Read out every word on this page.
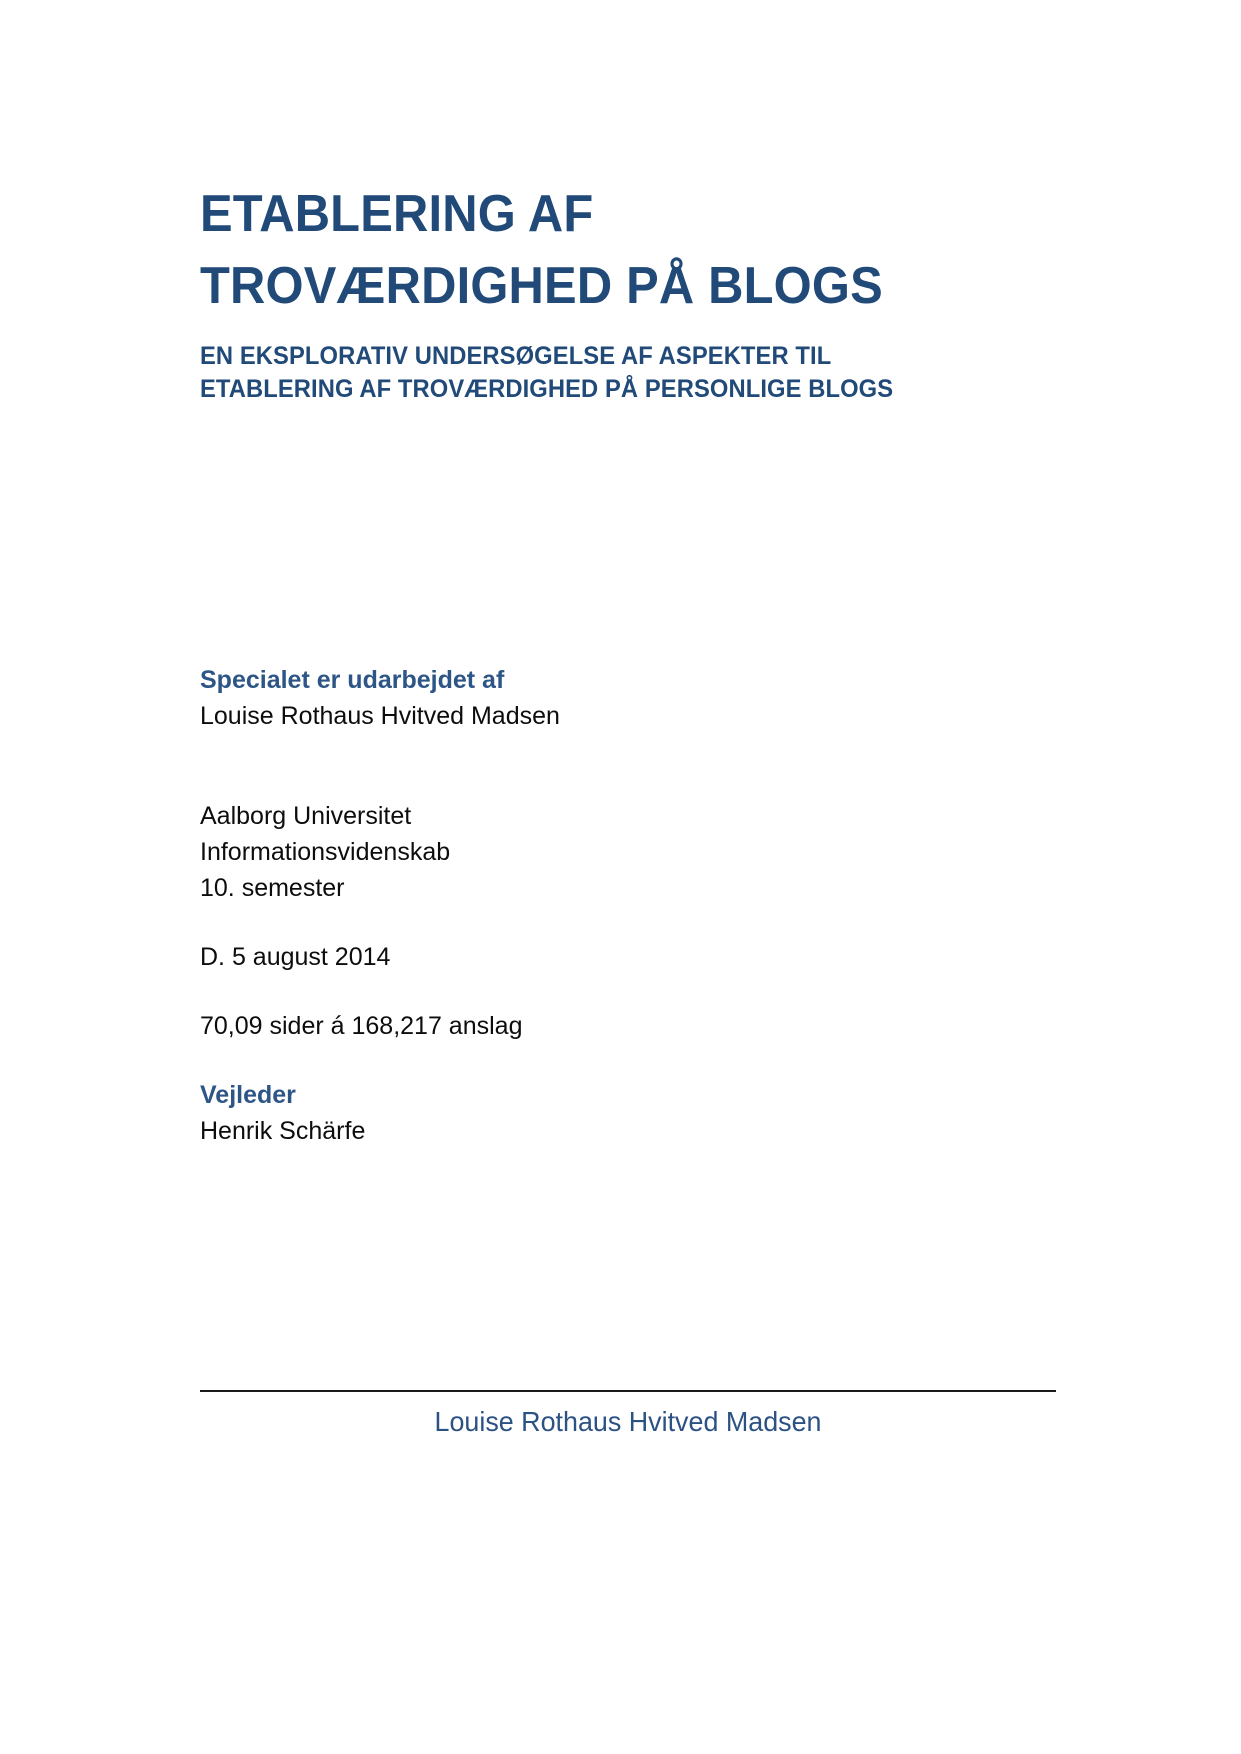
ETABLERING AF
TROVÆRDIGHED PÅ BLOGS
EN EKSPLORATIV UNDERSØGELSE AF ASPEKTER TIL
ETABLERING AF TROVÆRDIGHED PÅ PERSONLIGE BLOGS

Specialet er udarbejdet af

Louise Rothaus Hvitved Madsen

Aalborg Universitet

Informationsvidenskab

10. semester

D. 5 august 2014

70,09 sider á 168,217 anslag

Vejleder

Henrik Schärfe

Louise Rothaus Hvitved Madsen
